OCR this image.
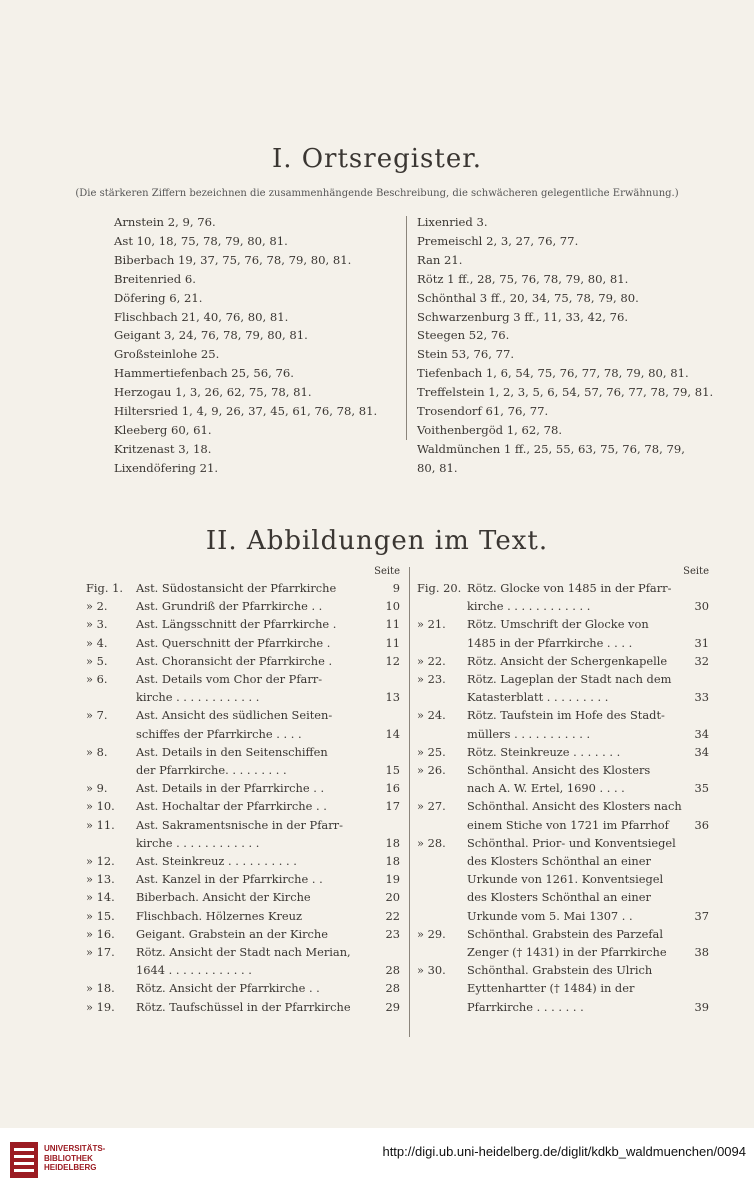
I. Ortsregister.
(Die stärkeren Ziffern bezeichnen die zusammenhängende Beschreibung, die schwächeren gelegentliche Erwähnung.)
Arnstein 2, 9, 76.
Ast 10, 18, 75, 78, 79, 80, 81.
Biberbach 19, 37, 75, 76, 78, 79, 80, 81.
Breitenried 6.
Döfering 6, 21.
Flischbach 21, 40, 76, 80, 81.
Geigant 3, 24, 76, 78, 79, 80, 81.
Großsteinlohe 25.
Hammertiefenbach 25, 56, 76.
Herzogau 1, 3, 26, 62, 75, 78, 81.
Hiltersried 1, 4, 9, 26, 37, 45, 61, 76, 78, 81.
Kleeberg 60, 61.
Kritzenast 3, 18.
Lixendöfering 21.
Lixenried 3.
Premeischl 2, 3, 27, 76, 77.
Ran 21.
Rötz 1 ff., 28, 75, 76, 78, 79, 80, 81.
Schönthal 3 ff., 20, 34, 75, 78, 79, 80.
Schwarzenburg 3 ff., 11, 33, 42, 76.
Steegen 52, 76.
Stein 53, 76, 77.
Tiefenbach 1, 6, 54, 75, 76, 77, 78, 79, 80, 81.
Treffelstein 1, 2, 3, 5, 6, 54, 57, 76, 77, 78, 79, 81.
Trosendorf 61, 76, 77.
Voithenbergöd 1, 62, 78.
Waldmünchen 1 ff., 25, 55, 63, 75, 76, 78, 79,
80, 81.
II. Abbildungen im Text.
Seite
Fig. 1. Ast. Südostansicht der Pfarrkirche	9
» 2.	Ast. Grundriß der Pfarrkirche . .	10
» 3.	Ast. Längsschnitt der Pfarrkirche .	11
» 4.	Ast. Querschnitt der Pfarrkirche .	11
» 5.	Ast. Choransicht der Pfarrkirche .	12
» 6.	Ast. Details vom Chor der Pfarr-
kirche . . . . . . . . . . . .	13
» 7.	Ast. Ansicht des südlichen Seiten-
schiffes der Pfarrkirche . . . .	14
» 8.	Ast. Details in den Seitenschiffen
der Pfarrkirche. . . . . . . . .	15
» 9.	Ast. Details in der Pfarrkirche . .	16
» 10. Ast. Hochaltar der Pfarrkirche . .	17
» 11. Ast. Sakramentsnische in der Pfarr-
kirche . . . . . . . . . . . .	18
» 12. Ast. Steinkreuz . . . . . . . . . .	18
» 13. Ast. Kanzel in der Pfarrkirche . .	19
» 14. Biberbach. Ansicht der Kirche	20
» 15. Flischbach. Hölzernes Kreuz	22
» 16. Geigant. Grabstein an der Kirche	23
» 17. Rötz. Ansicht der Stadt nach Merian,
1644 . . . . . . . . . . . .	28
» 18. Rötz. Ansicht der Pfarrkirche . .	28
» 19. Rötz. Taufschüssel in der Pfarrkirche	29
Seite
Fig. 20. Rötz. Glocke von 1485 in der Pfarr-
kirche . . . . . . . . . . . .	30
» 21. Rötz. Umschrift der Glocke von
1485 in der Pfarrkirche . . . .	31
» 22. Rötz. Ansicht der Schergenkapelle 32
» 23. Rötz. Lageplan der Stadt nach dem
Katasterblatt . . . . . . . . .	33
» 24. Rötz. Taufstein im Hofe des Stadt-
müllers . . . . . . . . . . .	34
» 25. Rötz. Steinkreuze . . . . . . .	34
» 26. Schönthal. Ansicht des Klosters
nach A. W. Ertel, 1690 . . . .	35
» 27. Schönthal. Ansicht des Klosters nach
einem Stiche von 1721 im Pfarrhof 36
» 28. Schönthal. Prior- und Konventsiegel
des Klosters Schönthal an einer
Urkunde von 1261. Konventsiegel
des Klosters Schönthal an einer
Urkunde vom 5. Mai 1307 . .	37
» 29. Schönthal. Grabstein des Parzefal
Zenger († 1431) in der Pfarrkirche 38
» 30. Schönthal. Grabstein des Ulrich
Eyttenhartter († 1484) in der
Pfarrkirche . . . . . . .	39
UNIVERSITÄTS-
BIBLIOTHEK
HEIDELBERG
http://digi.ub.uni-heidelberg.de/diglit/kdkb_waldmuenchen/0094
